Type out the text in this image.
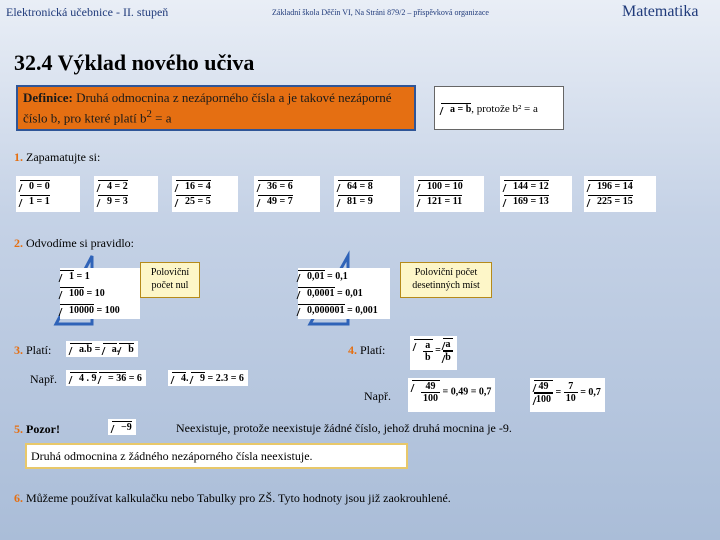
Elektronická učebnice - II. stupeň	Základní škola Děčín VI, Na Stráni 879/2 – příspěvková organizace	Matematika
32.4 Výklad nového učiva
Definice: Druhá odmocnina z nezáporného čísla a je takové nezáporné číslo b, pro které platí $b^2 = a$
a = b, protože b² = a
1. Zapamatujte si:
0 = 0
1 = 1
4 = 2
9 = 3
16 = 4
25 = 5
36 = 6
49 = 7
64 = 8
81 = 9
100 = 10
121 = 11
144 = 12
169 = 13
196 = 14
225 = 15
2. Odvodíme si pravidlo:
1 = 1
100 = 10
10000 = 100
Poloviční počet nul
0,01 = 0,1
0,0001 = 0,01
0,000001 = 0,001
Poloviční počet desetinných míst
3. Platí:	a.b = a. b
Např.	4 . 9 = 36 = 6	4. 9 = 2.3 = 6
4. Platí:	$\frac{a}{b} = \frac{a}{b}$
Např. $\frac{49}{100} = 0,49 = 0,7$	$\frac{49}{100} = \frac{7}{10} = 0,7$
5. Pozor!	−9	Neexistuje, protože neexistuje žádné číslo, jehož druhá mocnina je -9.
Druhá odmocnina z žádného nezáporného čísla neexistuje.
6. Můžeme používat kalkulačku nebo Tabulky pro ZŠ. Tyto hodnoty jsou již zaokrouhlené.
